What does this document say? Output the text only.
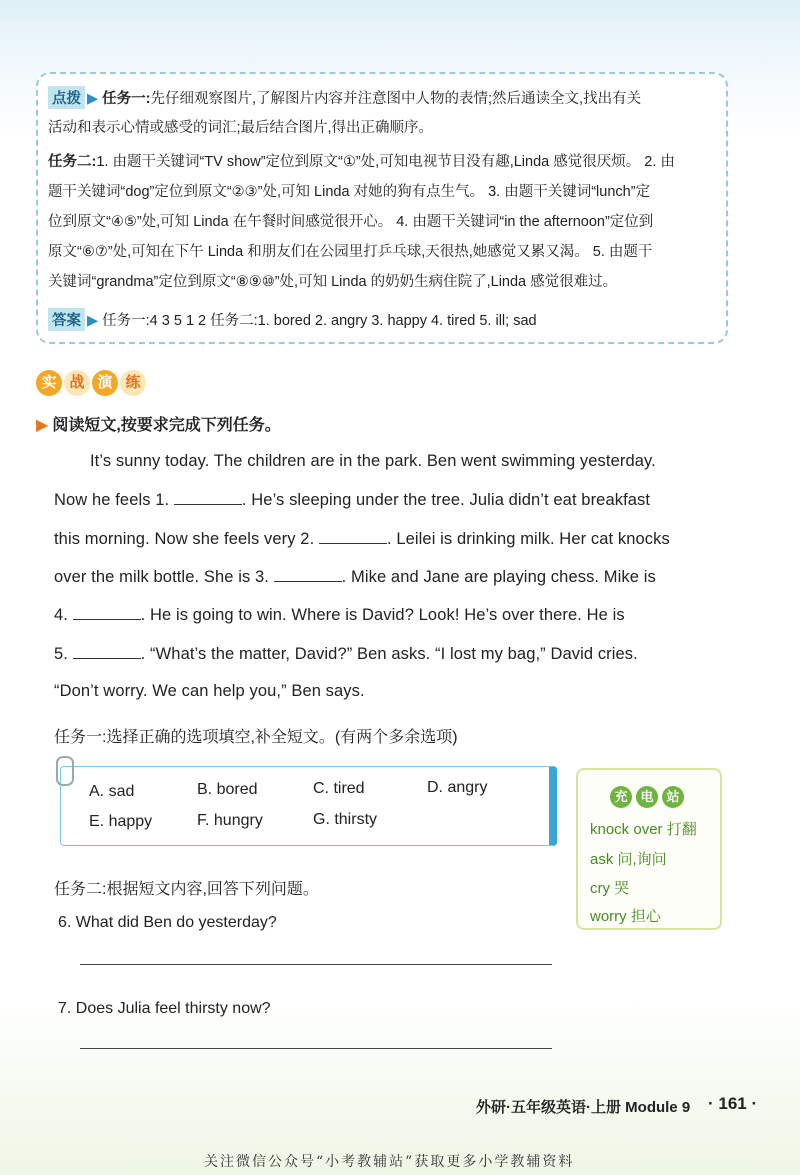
点拨 ▶ 任务一:先仔细观察图片,了解图片内容并注意图中人物的表情;然后通读全文,找出有关
活动和表示心情或感受的词汇;最后结合图片,得出正确顺序。
任务二:1. 由题干关键词“TV show”定位到原文“①”处,可知电视节目没有趣,Linda 感觉很厌烦。 2. 由
题干关键词“dog”定位到原文“②③”处,可知 Linda 对她的狗有点生气。 3. 由题干关键词“lunch”定
位到原文“④⑤”处,可知 Linda 在午餐时间感觉很开心。 4. 由题干关键词“in the afternoon”定位到
原文“⑥⑦”处,可知在下午 Linda 和朋友们在公园里打乒乓球,天很热,她感觉又累又渴。 5. 由题干
关键词“grandma”定位到原文“⑧⑨⑩”处,可知 Linda 的奶奶生病住院了,Linda 感觉很难过。
答案 ▶ 任务一:4 3 5 1 2 任务二:1. bored 2. angry 3. happy 4. tired 5. ill; sad
实 战 演 练
▶ 阅读短文,按要求完成下列任务。
It’s sunny today. The children are in the park. Ben went swimming yesterday.
Now he feels 1.	. He’s sleeping under the tree. Julia didn’t eat breakfast
this morning. Now she feels very 2.	. Leilei is drinking milk. Her cat knocks
over the milk bottle. She is 3.	. Mike and Jane are playing chess. Mike is
4.	. He is going to win. Where is David? Look! He’s over there. He is
5.	. “What’s the matter, David?” Ben asks. “I lost my bag,” David cries.
“Don’t worry. We can help you,” Ben says.
任务一:选择正确的选项填空,补全短文。(有两个多余选项)
A. sad	B. bored	C. tired	D. angry
E. happy	F. hungry	G. thirsty
充 电 站
knock over 打翻
ask 问,询问
cry 哭
worry 担心
任务二:根据短文内容,回答下列问题。
6. What did Ben do yesterday?
7. Does Julia feel thirsty now?
外研·五年级英语·上册 Module 9 · 161 ·
关注微信公众号“小考教辅站”获取更多小学教辅资料
